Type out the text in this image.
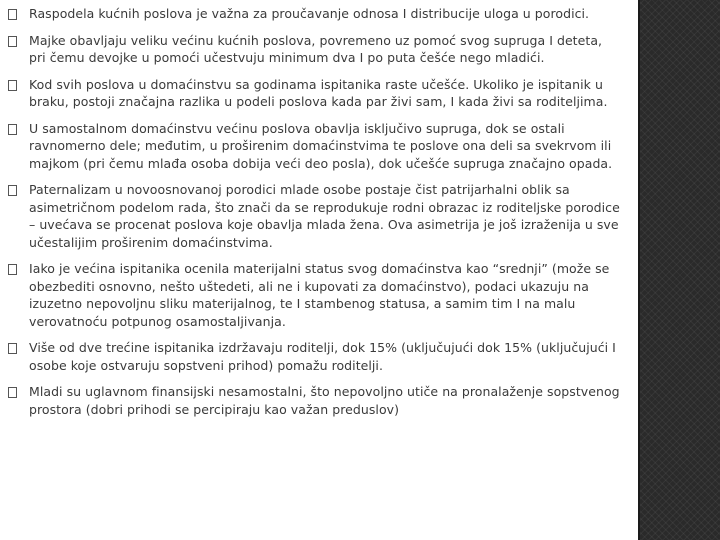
Raspodela kućnih poslova je važna za proučavanje odnosa I distribucije uloga u porodici.
Majke obavljaju veliku većinu kućnih poslova, povremeno uz pomoć svog supruga I deteta, pri čemu devojke u pomoći učestvuju minimum dva I po puta češće nego mladići.
Kod svih poslova u domaćinstvu sa godinama ispitanika raste učešće. Ukoliko je ispitanik u braku, postoji značajna razlika u podeli poslova kada par živi sam, I kada živi sa roditeljima.
U samostalnom domaćinstvu većinu poslova obavlja isključivo supruga, dok se ostali ravnomerno dele; međutim, u proširenim domaćinstvima te poslove ona deli sa svekrvom ili majkom (pri čemu mlađa osoba dobija veći deo posla), dok učešće supruga značajno opada.
Paternalizam u novoosnovanoj porodici mlade osobe postaje čist patrijarhalni oblik sa asimetričnom podelom rada, što znači da se reprodukuje rodni obrazac iz roditeljske porodice – uvećava se procenat poslova koje obavlja mlada žena. Ova asimetrija je još izraženija u sve učestalijim proširenim domaćinstvima.
Iako je većina ispitanika ocenila materijalni status svog domaćinstva kao “srednji” (može se obezbediti osnovno, nešto uštedeti, ali ne i kupovati za domaćinstvo), podaci ukazuju na izuzetno nepovoljnu sliku materijalnog, te I stambenog statusa, a samim tim I na malu verovatnoću potpunog osamostaljivanja.
Više od dve trećine ispitanika izdržavaju roditelji, dok 15% (uključujući dok 15% (uključujući I osobe koje ostvaruju sopstveni prihod) pomažu roditelji.
Mladi su uglavnom finansijski nesamostalni, što nepovoljno utiče na pronalaženje sopstvenog prostora (dobri prihodi se percipiraju kao važan preduslov)
